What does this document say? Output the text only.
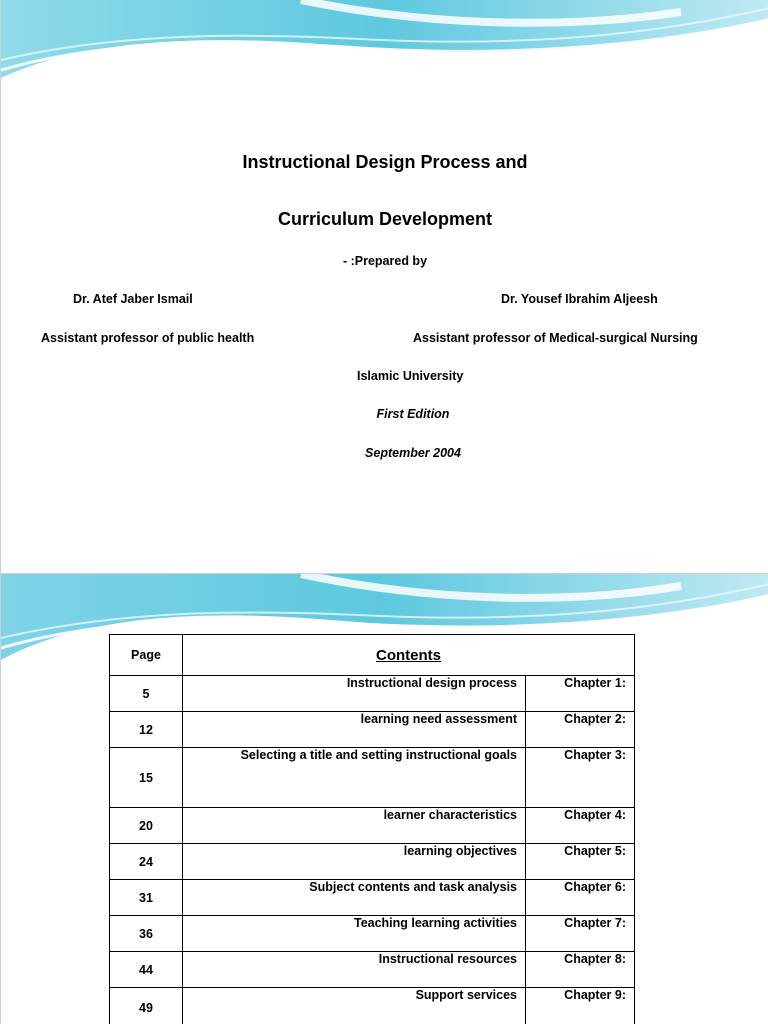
Instructional Design Process and
Curriculum Development
- :Prepared by
Dr. Atef Jaber Ismail	Dr. Yousef Ibrahim Aljeesh
Assistant professor of public health	Assistant professor of Medical-surgical Nursing
Islamic University
First Edition
September 2004
Page	Contents	
5	Instructional design process	Chapter 1:
12	learning need assessment	Chapter 2:
15	Selecting a title and setting instructional goals	Chapter 3:
20	learner characteristics	Chapter 4:
24	learning objectives	Chapter 5:
31	Subject contents and task analysis	Chapter 6:
36	Teaching learning activities	Chapter 7:
44	Instructional resources	Chapter 8:
49	Support services	Chapter 9:
